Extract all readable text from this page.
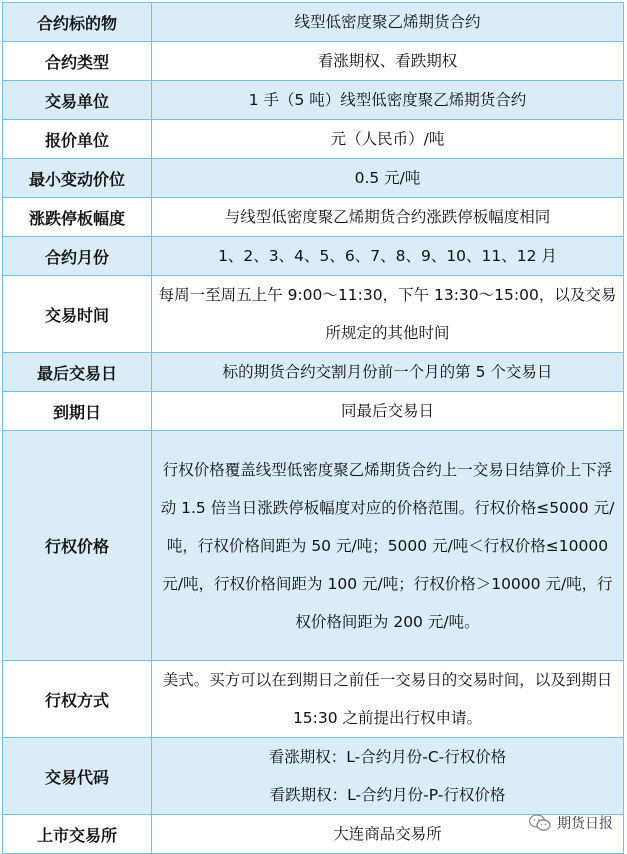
合约标的物	线型低密度聚乙烯期货合约

合约类型	看涨期权、看跌期权

交易单位	1 手（5 吨）线型低密度聚乙烯期货合约

报价单位	元（人民币）/吨

最小变动价位	0.5 元/吨

涨跌停板幅度	与线型低密度聚乙烯期货合约涨跌停板幅度相同

合约月份	1、2、3、4、5、6、7、8、9、10、11、12 月

交易时间	每周一至周五上午 9:00～11:30，下午 13:30～15:00，以及交易所规定的其他时间

最后交易日	标的期货合约交割月份前一个月的第 5 个交易日

到期日	同最后交易日

行权价格	行权价格覆盖线型低密度聚乙烯期货合约上一交易日结算价上下浮动 1.5 倍当日涨跌停板幅度对应的价格范围。行权价格≤5000 元/吨，行权价格间距为 50 元/吨；5000 元/吨＜行权价格≤10000 元/吨，行权价格间距为 100 元/吨；行权价格＞10000 元/吨，行权价格间距为 200 元/吨。

行权方式	美式。买方可以在到期日之前任一交易日的交易时间，以及到期日 15:30 之前提出行权申请。

交易代码	看涨期权：L-合约月份-C-行权价格
看跌期权：L-合约月份-P-行权价格

上市交易所	大连商品交易所
期货日报
